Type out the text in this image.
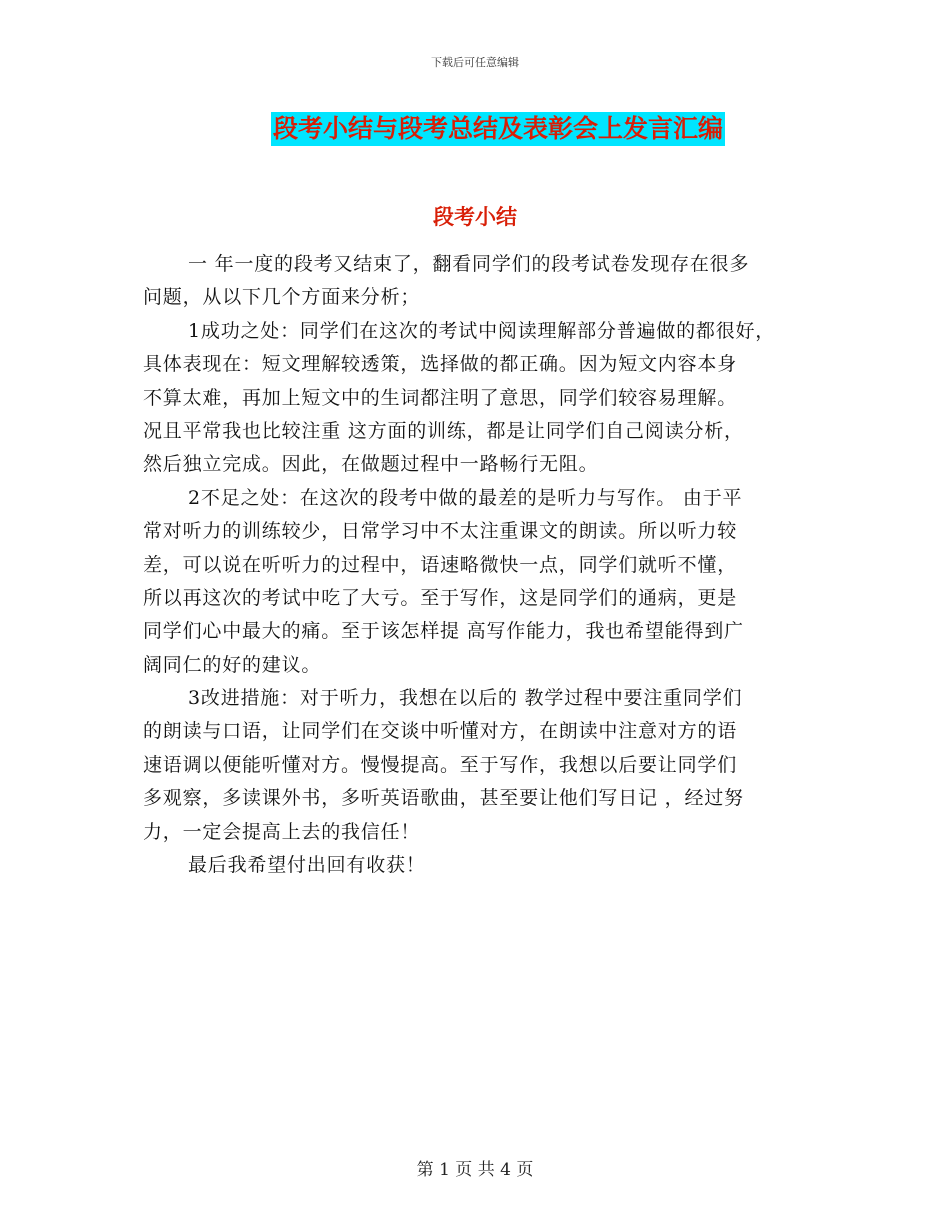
下载后可任意编辑
段考小结与段考总结及表彰会上发言汇编
段考小结
一 年一度的段考又结束了，翻看同学们的段考试卷发现存在很多
问题，从以下几个方面来分析；
1成功之处：同学们在这次的考试中阅读理解部分普遍做的都很好，
具体表现在：短文理解较透策，选择做的都正确。因为短文内容本身
不算太难，再加上短文中的生词都注明了意思，同学们较容易理解。
况且平常我也比较注重 这方面的训练，都是让同学们自己阅读分析，
然后独立完成。因此，在做题过程中一路畅行无阻。
2不足之处：在这次的段考中做的最差的是听力与写作。 由于平
常对听力的训练较少，日常学习中不太注重课文的朗读。所以听力较
差，可以说在听听力的过程中，语速略微快一点，同学们就听不懂，
所以再这次的考试中吃了大亏。至于写作，这是同学们的通病，更是
同学们心中最大的痛。至于该怎样提 高写作能力，我也希望能得到广
阔同仁的好的建议。
3改进措施：对于听力，我想在以后的 教学过程中要注重同学们
的朗读与口语，让同学们在交谈中听懂对方，在朗读中注意对方的语
速语调以便能听懂对方。慢慢提高。至于写作，我想以后要让同学们
多观察，多读课外书，多听英语歌曲，甚至要让他们写日记 ，经过努
力，一定会提高上去的我信任！
最后我希望付出回有收获！
第 1 页 共 4 页
